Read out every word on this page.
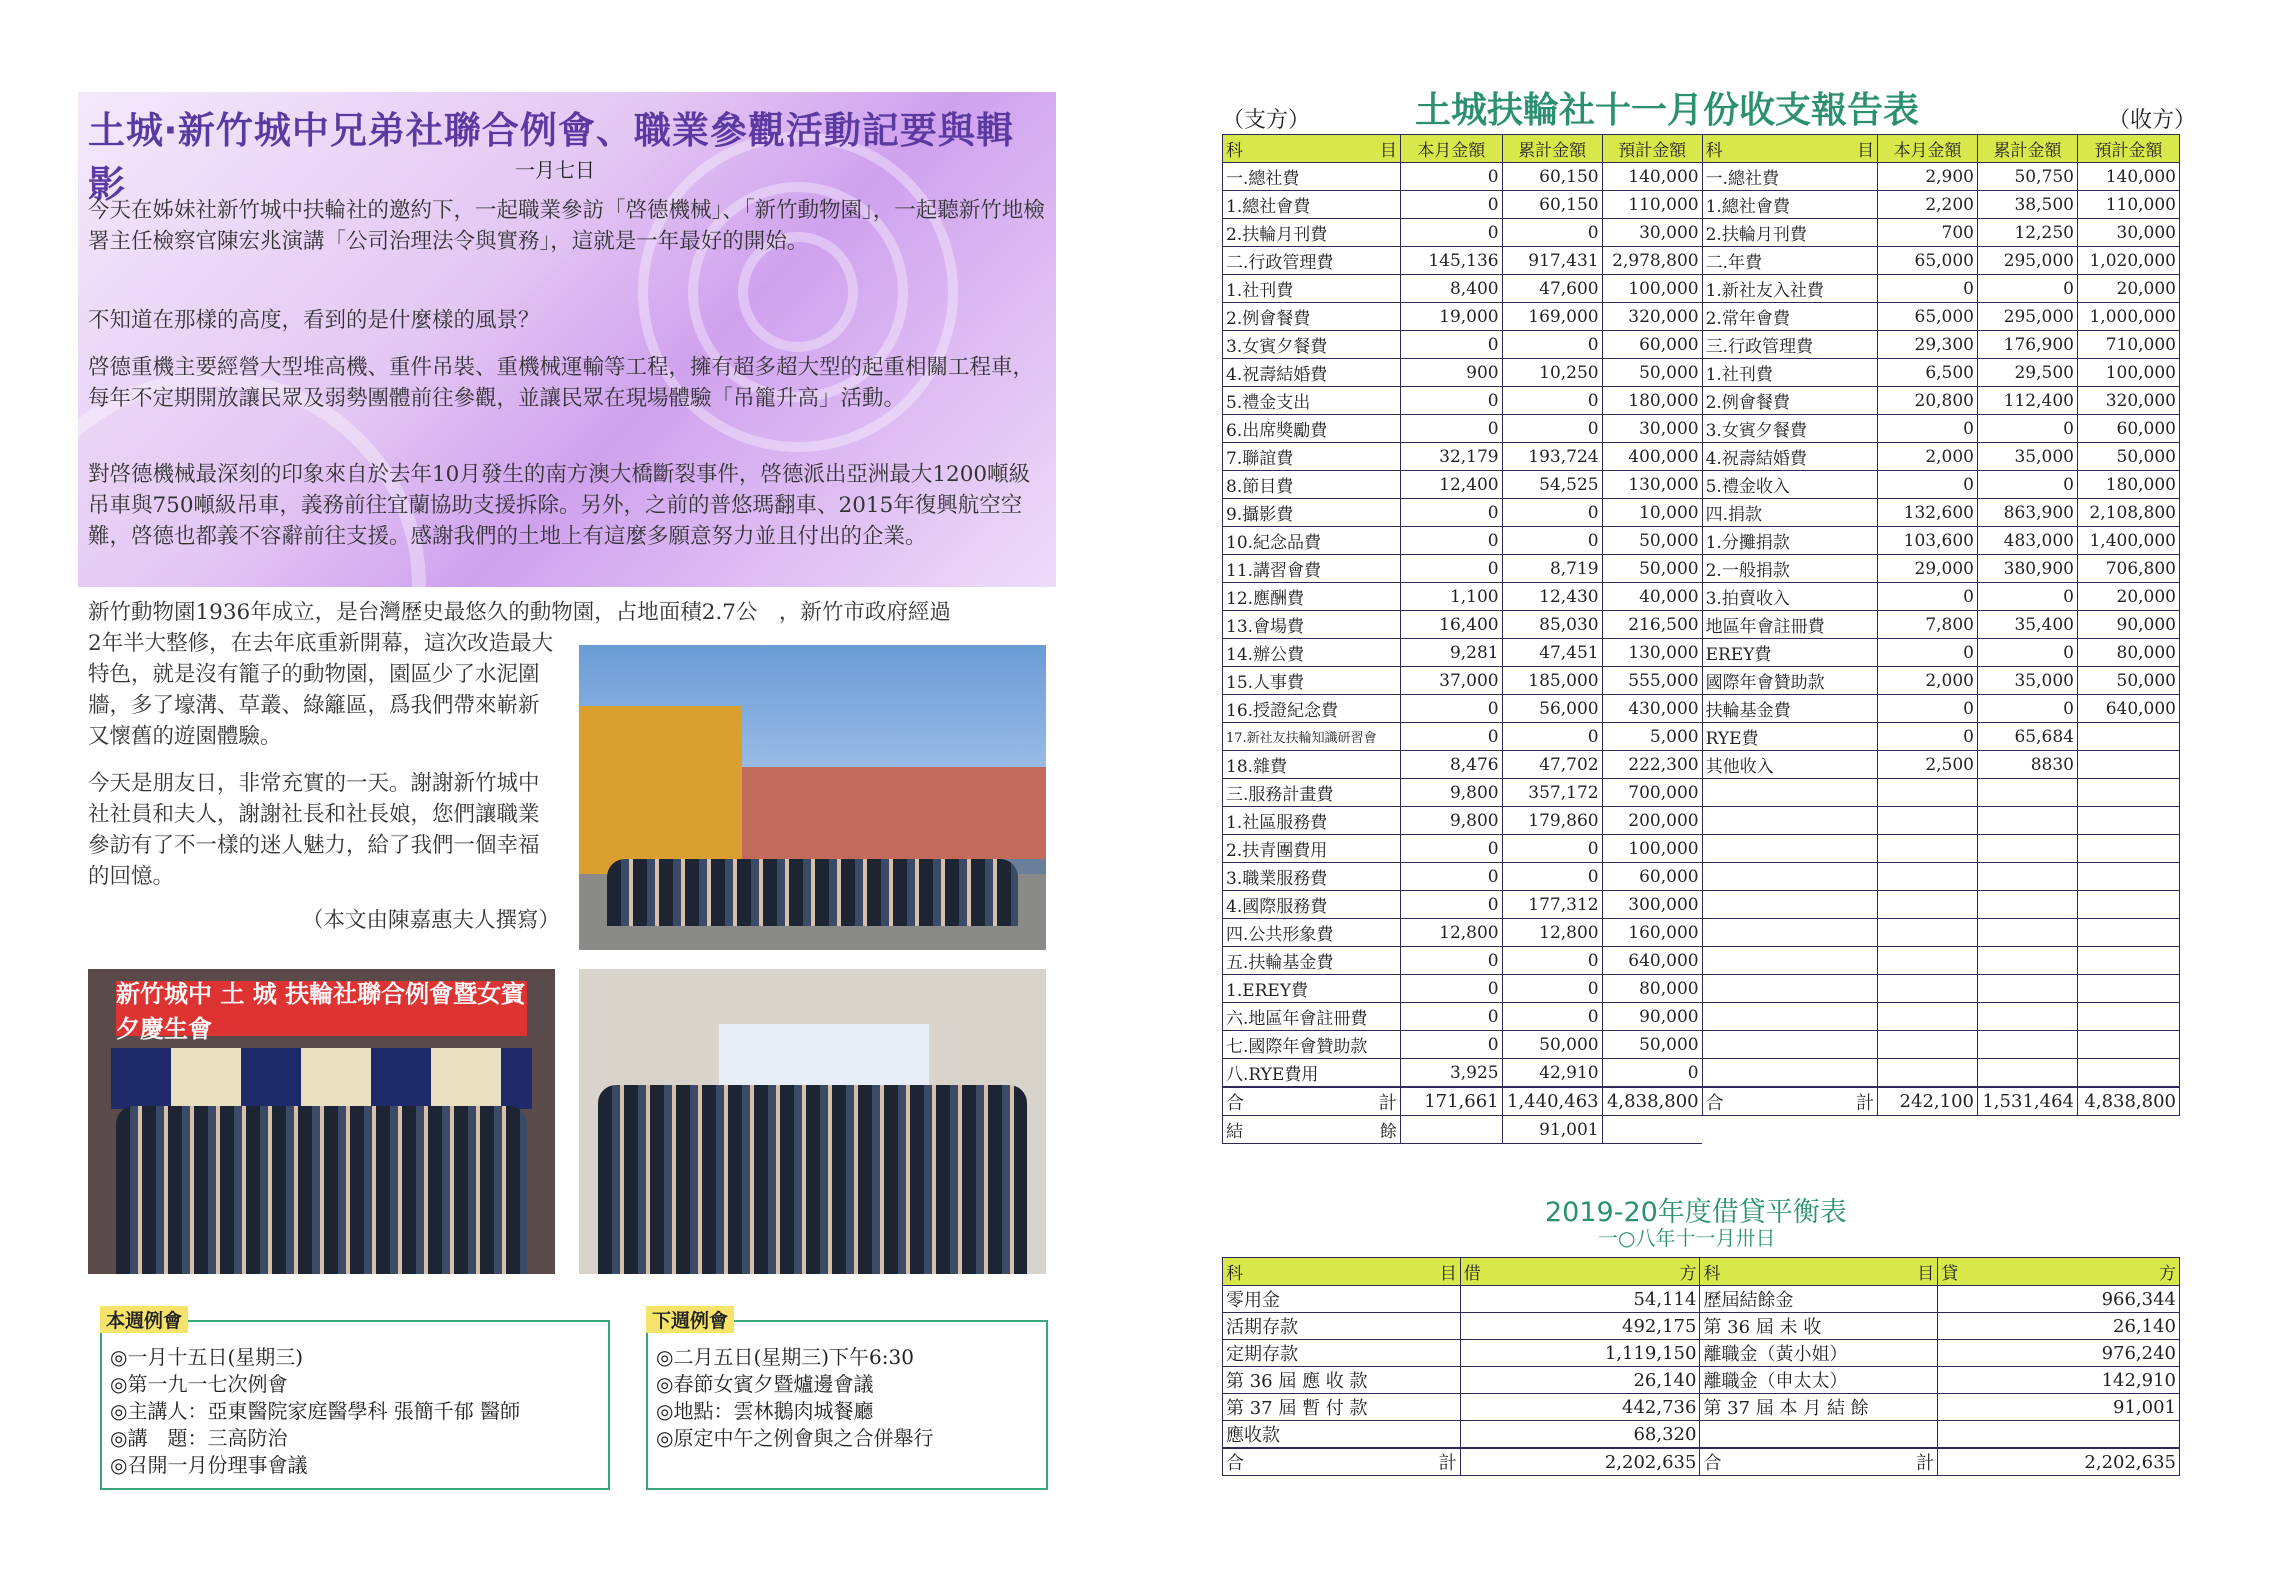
土城‧新竹城中兄弟社聯合例會、職業參觀活動記要與輯影	一月七日
今天在姊妹社新竹城中扶輪社的邀約下，一起職業參訪「啓德機械」、「新竹動物園」，一起聽新竹地檢署主任檢察官陳宏兆演講「公司治理法令與實務」，這就是一年最好的開始。
不知道在那樣的高度，看到的是什麼樣的風景？
啓德重機主要經營大型堆高機、重件吊裝、重機械運輸等工程，擁有超多超大型的起重相關工程車，每年不定期開放讓民眾及弱勢團體前往參觀，並讓民眾在現場體驗「吊籠升高」活動。
對啓德機械最深刻的印象來自於去年10月發生的南方澳大橋斷裂事件，啓德派出亞洲最大1200噸級吊車與750噸級吊車，義務前往宜蘭協助支援拆除。另外，之前的普悠瑪翻車、2015年復興航空空難，啓德也都義不容辭前往支援。感謝我們的土地上有這麼多願意努力並且付出的企業。
新竹動物園1936年成立，是台灣歷史最悠久的動物園，占地面積2.7公　，新竹市政府經過
2年半大整修，在去年底重新開幕，這次改造最大特色，就是沒有籠子的動物園，園區少了水泥圍牆，多了壕溝、草叢、綠籬區，爲我們帶來嶄新又懷舊的遊園體驗。
今天是朋友日，非常充實的一天。謝謝新竹城中社社員和夫人，謝謝社長和社長娘，您們讓職業參訪有了不一樣的迷人魅力，給了我們一個幸福的回憶。
（本文由陳嘉惠夫人撰寫）
新竹城中 土 城 扶輪社聯合例會暨女賓夕慶生會
本週例會
◎一月十五日(星期三)
◎第一九一七次例會
◎主講人：亞東醫院家庭醫學科 張簡千郁 醫師
◎講　題：三高防治
◎召開一月份理事會議
下週例會
◎二月五日(星期三)下午6:30
◎春節女賓夕暨爐邊會議
◎地點：雲林鵝肉城餐廳
◎原定中午之例會與之合併舉行
土城扶輪社十一月份收支報告表
（支方）	（收方）
科 目	本月金額	累計金額	預計金額	科 目	本月金額	累計金額	預計金額
一.總社費	0	60,150	140,000	一.總社費	2,900	50,750	140,000
1.總社會費	0	60,150	110,000	1.總社會費	2,200	38,500	110,000
2.扶輪月刊費	0	0	30,000	2.扶輪月刊費	700	12,250	30,000
二.行政管理費	145,136	917,431	2,978,800	二.年費	65,000	295,000	1,020,000
1.社刊費	8,400	47,600	100,000	1.新社友入社費	0	0	20,000
2.例會餐費	19,000	169,000	320,000	2.常年會費	65,000	295,000	1,000,000
3.女賓夕餐費	0	0	60,000	三.行政管理費	29,300	176,900	710,000
4.祝壽結婚費	900	10,250	50,000	1.社刊費	6,500	29,500	100,000
5.禮金支出	0	0	180,000	2.例會餐費	20,800	112,400	320,000
6.出席獎勵費	0	0	30,000	3.女賓夕餐費	0	0	60,000
7.聯誼費	32,179	193,724	400,000	4.祝壽結婚費	2,000	35,000	50,000
8.節目費	12,400	54,525	130,000	5.禮金收入	0	0	180,000
9.攝影費	0	0	10,000	四.捐款	132,600	863,900	2,108,800
10.紀念品費	0	0	50,000	1.分攤捐款	103,600	483,000	1,400,000
11.講習會費	0	8,719	50,000	2.一般捐款	29,000	380,900	706,800
12.應酬費	1,100	12,430	40,000	3.拍賣收入	0	0	20,000
13.會場費	16,400	85,030	216,500	地區年會註冊費	7,800	35,400	90,000
14.辦公費	9,281	47,451	130,000	EREY費	0	0	80,000
15.人事費	37,000	185,000	555,000	國際年會贊助款	2,000	35,000	50,000
16.授證紀念費	0	56,000	430,000	扶輪基金費	0	0	640,000
17.新社友扶輪知識研習會	0	0	5,000	RYE費	0	65,684	
18.雜費	8,476	47,702	222,300	其他收入	2,500	8830	
三.服務計畫費	9,800	357,172	700,000				
1.社區服務費	9,800	179,860	200,000				
2.扶青團費用	0	0	100,000				
3.職業服務費	0	0	60,000				
4.國際服務費	0	177,312	300,000				
四.公共形象費	12,800	12,800	160,000				
五.扶輪基金費	0	0	640,000				
1.EREY費	0	0	80,000				
六.地區年會註冊費	0	0	90,000				
七.國際年會贊助款	0	50,000	50,000				
八.RYE費用	3,925	42,910	0				

合 計	171,661	1,440,463	4,838,800	合 計	242,100	1,531,464	4,838,800

結 餘		91,001					
2019-20年度借貸平衡表
一○八年十一月卅日
科 目	借 方	科 目	貸 方

零用金	54,114	歷屆結餘金	966,344
活期存款	492,175	第 36 屆 未 收	26,140
定期存款	1,119,150	離職金（黃小姐）	976,240
第 36 屆 應 收 款	26,140	離職金（申太太）	142,910
第 37 屆 暫 付 款	442,736	第 37 屆 本 月 結 餘	91,001
應收款	68,320		

合 計	2,202,635	合 計	2,202,635
